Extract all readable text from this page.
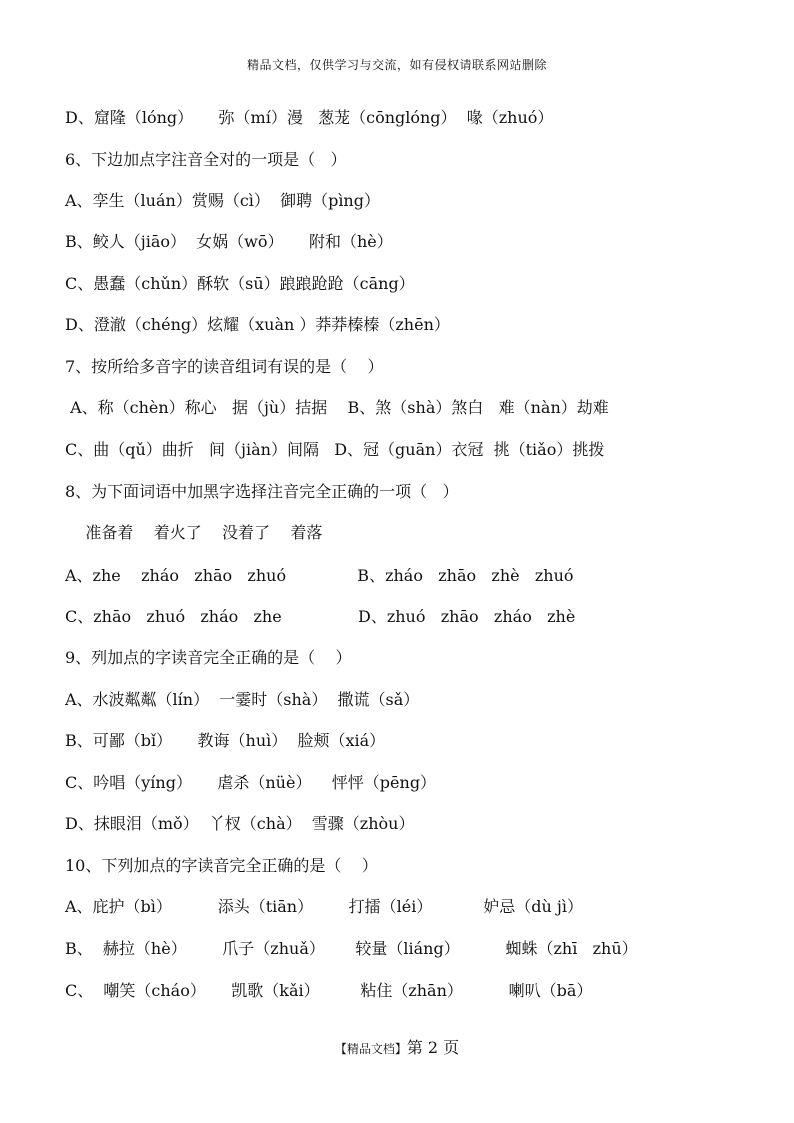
精品文档，仅供学习与交流，如有侵权请联系网站删除
D、窟隆（lóng）     弥（mí）漫   葱茏（cōnglóng）  喙（zhuó）
6、下边加点字注音全对的一项是（   ）
A、孪生（luán）赏赐（cì）  御聘（pìng）
B、鲛人（jiāo）  女娲（wō）     附和（hè）
C、愚蠢（chǔn）酥软（sū）踉踉跄跄（cāng）
D、澄澈（chéng）炫耀（xuàn ）莽莽榛榛（zhēn）
7、按所给多音字的读音组词有误的是（    ）
A、称（chèn）称心   据（jù）拮据    B、煞（shà）煞白   难（nàn）劫难
C、曲（qǔ）曲折   间（jiàn）间隔   D、冠（guān）衣冠  挑（tiǎo）挑拨
8、为下面词语中加黑字选择注音完全正确的一项（   ）
准备着    着火了    没着了    着落
A、zhe    zháo   zhāo   zhuó              B、zháo   zhāo   zhè   zhuó
C、zhāo   zhuó   zháo   zhe               D、zhuó   zhāo   zháo   zhè
9、列加点的字读音完全正确的是（    ）
A、水波粼粼（lín）  一霎时（shà）  撒谎（sǎ）
B、可鄙（bǐ）     教诲（huì）  脸颊（xiá）
C、吟唱（yíng）     虐杀（nüè）    怦怦（pēng）
D、抹眼泪（mǒ）  丫杈（chà）  雪骤（zhòu）
10、下列加点的字读音完全正确的是（    ）
A、庇护（bì）         添头（tiān）       打擂（léi）          妒忌（dù jì）
B、  赫拉（hè）       爪子（zhuǎ）      较量（liáng）         蜘蛛（zhī   zhū）
C、  嘲笑（cháo）     凯歌（kǎi）        粘住（zhān）         喇叭（bā）
【精品文档】第 2 页
